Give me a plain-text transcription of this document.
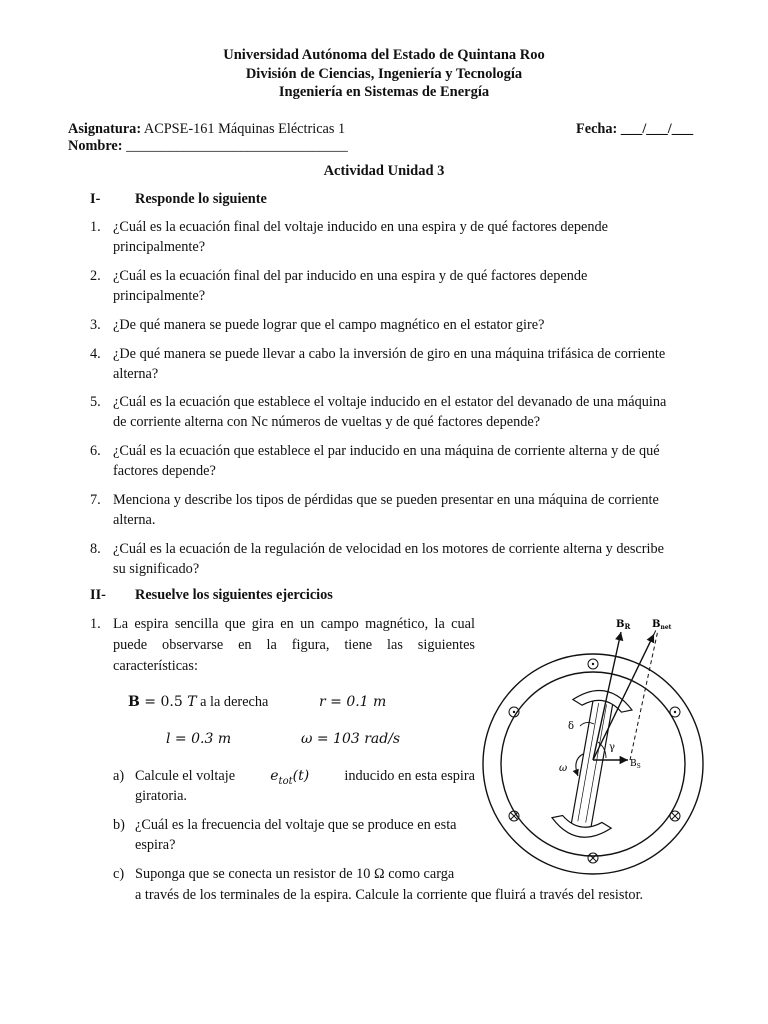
Universidad Autónoma del Estado de Quintana Roo
División de Ciencias, Ingeniería y Tecnología
Ingeniería en Sistemas de Energía
Asignatura: ACPSE-161 Máquinas Eléctricas 1	Fecha: ___/___/___
Nombre: _______________________________
Actividad Unidad 3
I- Responde lo siguiente
1. ¿Cuál es la ecuación final del voltaje inducido en una espira y de qué factores depende
principalmente?
2. ¿Cuál es la ecuación final del par inducido en una espira y de qué factores depende
principalmente?
3. ¿De qué manera se puede lograr que el campo magnético en el estator gire?
4. ¿De qué manera se puede llevar a cabo la inversión de giro en una máquina trifásica de corriente
alterna?
5. ¿Cuál es la ecuación que establece el voltaje inducido en el estator del devanado de una máquina
de corriente alterna con Nc números de vueltas y de qué factores depende?
6. ¿Cuál es la ecuación que establece el par inducido en una máquina de corriente alterna y de qué
factores depende?
7. Menciona y describe los tipos de pérdidas que se pueden presentar en una máquina de corriente
alterna.
8. ¿Cuál es la ecuación de la regulación de velocidad en los motores de corriente alterna y describe
su significado?
II- Resuelve los siguientes ejercicios
1. La espira sencilla que gira en un campo magnético, la cual
puede observarse en la figura, tiene las siguientes
características:
B = 0.5 T a la derecha	r = 0.1 m
l = 0.3 m	ω = 103 rad/s
a) Calcule el voltaje	$e_{tot}(t)$ inducido en esta espira
giratoria.
b) ¿Cuál es la frecuencia del voltaje que se produce en esta
espira?
c) Suponga que se conecta un resistor de 10 Ω como carga
a través de los terminales de la espira. Calcule la corriente que fluirá a través del resistor.
$B_R$ $B_{net}$
$B_S$
δ
γ
ω
